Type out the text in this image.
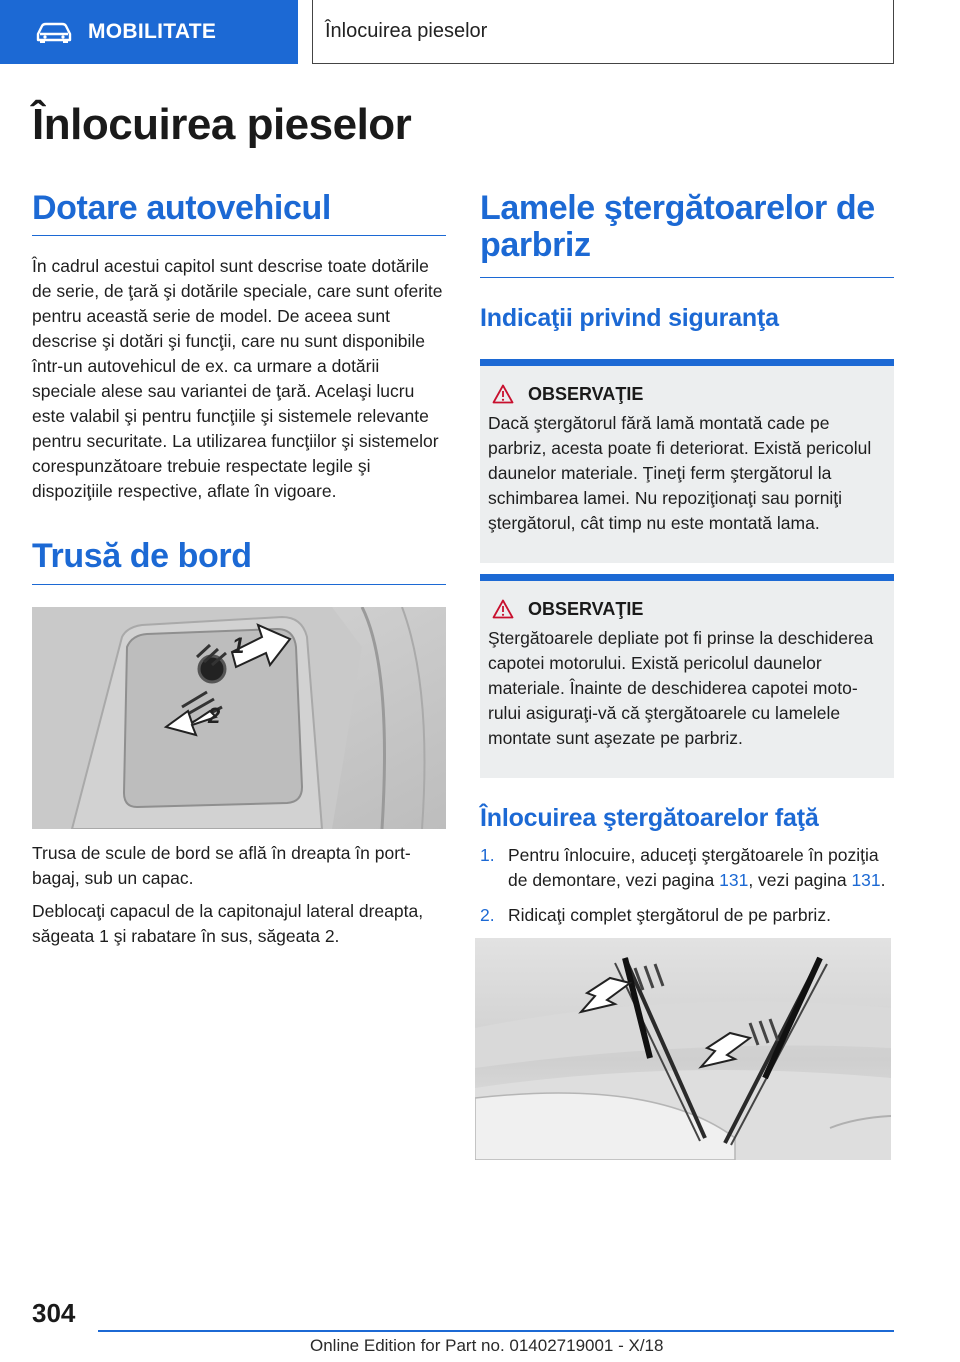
MOBILITATE	Înlocuirea pieselor
Înlocuirea pieselor
Dotare autovehicul

În cadrul acestui capitol sunt descrise toate dotările de serie, de ţară şi dotările speciale, care sunt oferite pentru această serie de model. De aceea sunt descrise şi dotări şi funcţii, care nu sunt disponibile într-un autovehicul de ex. ca urmare a dotării speciale alese sau variantei de ţară. Acelaşi lucru este valabil şi pentru funcţiile şi sistemele relevante pentru securitate. La utilizarea funcţiilor şi sistemelor corespunzătoare trebuie respectate legile şi dispoziţiile respective, aflate în vigoare.

Trusă de bord
1
2

Trusa de scule de bord se află în dreapta în portbagaj, sub un capac.

Deblocaţi capacul de la capitonajul lateral dreapta, săgeata 1 şi rabatare în sus, săgeata 2.

Lamele ştergătoarelor de parbriz
Indicaţii privind siguranţa
OBSERVAŢIE

Dacă ştergătorul fără lamă montată cade pe parbriz, acesta poate fi deteriorat. Există pericolul daunelor materiale. Ţineţi ferm ştergătorul la schimbarea lamei. Nu repoziţionaţi sau porniţi ştergătorul, cât timp nu este montată lama.

OBSERVAŢIE

Ştergătoarele depliate pot fi prinse la deschiderea capotei motorului. Există pericolul daunelor materiale. Înainte de deschiderea capotei motorului asiguraţi-vă că ştergătoarele cu lamelele montate sunt aşezate pe parbriz.

Înlocuirea ştergătoarelor faţă
1. Pentru înlocuire, aduceţi ştergătoarele în poziţia de demontare, vezi pagina 131, vezi pagina 131.
2. Ridicaţi complet ştergătorul de pe parbriz.
304
Online Edition for Part no. 01402719001 - X/18
